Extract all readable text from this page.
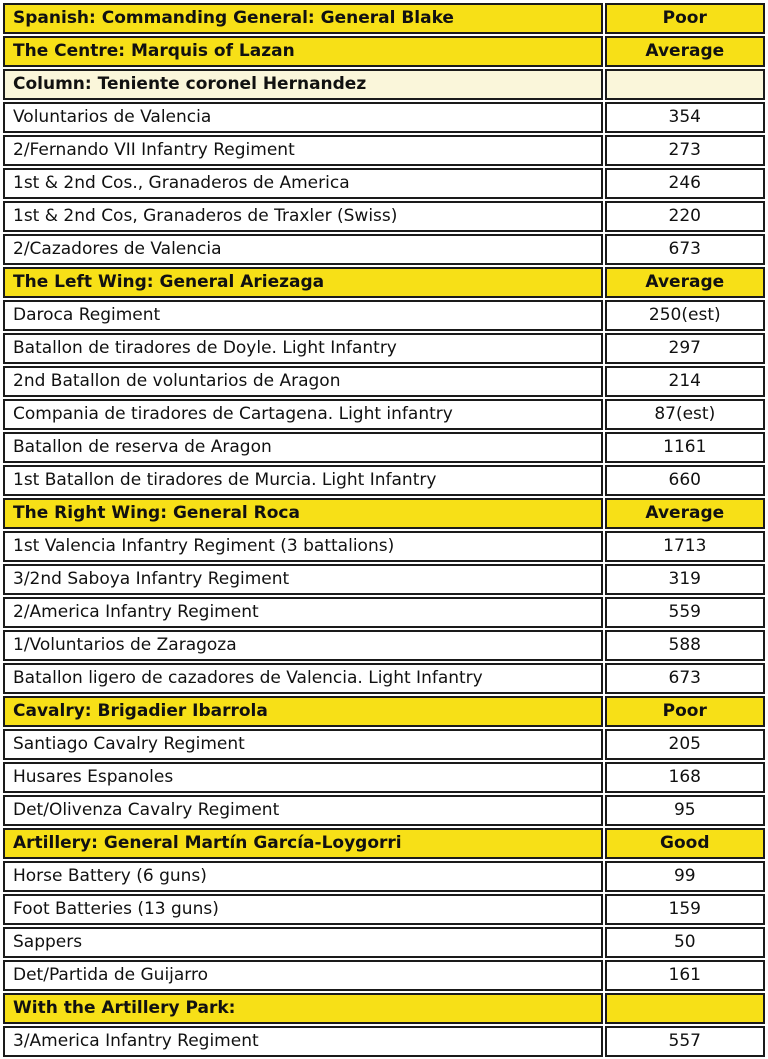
Spanish: Commanding General: General Blake	Poor
The Centre: Marquis of Lazan	Average
Column: Teniente coronel Hernandez	
Voluntarios de Valencia	354
2/Fernando VII Infantry Regiment	273
1st & 2nd Cos., Granaderos de America	246
1st & 2nd Cos, Granaderos de Traxler (Swiss)	220
2/Cazadores de Valencia	673
The Left Wing: General Ariezaga	Average
Daroca Regiment	250(est)
Batallon de tiradores de Doyle. Light Infantry	297
2nd Batallon de voluntarios de Aragon	214
Compania de tiradores de Cartagena. Light infantry	87(est)
Batallon de reserva de Aragon	1161
1st Batallon de tiradores de Murcia. Light Infantry	660
The Right Wing: General Roca	Average
1st Valencia Infantry Regiment (3 battalions)	1713
3/2nd Saboya Infantry Regiment	319
2/America Infantry Regiment	559
1/Voluntarios de Zaragoza	588
Batallon ligero de cazadores de Valencia. Light Infantry	673
Cavalry: Brigadier Ibarrola	Poor
Santiago Cavalry Regiment	205
Husares Espanoles	168
Det/Olivenza Cavalry Regiment	95
Artillery: General Martín García-Loygorri	Good
Horse Battery (6 guns)	99
Foot Batteries (13 guns)	159
Sappers	50
Det/Partida de Guijarro	161
With the Artillery Park:	
3/America Infantry Regiment	557
